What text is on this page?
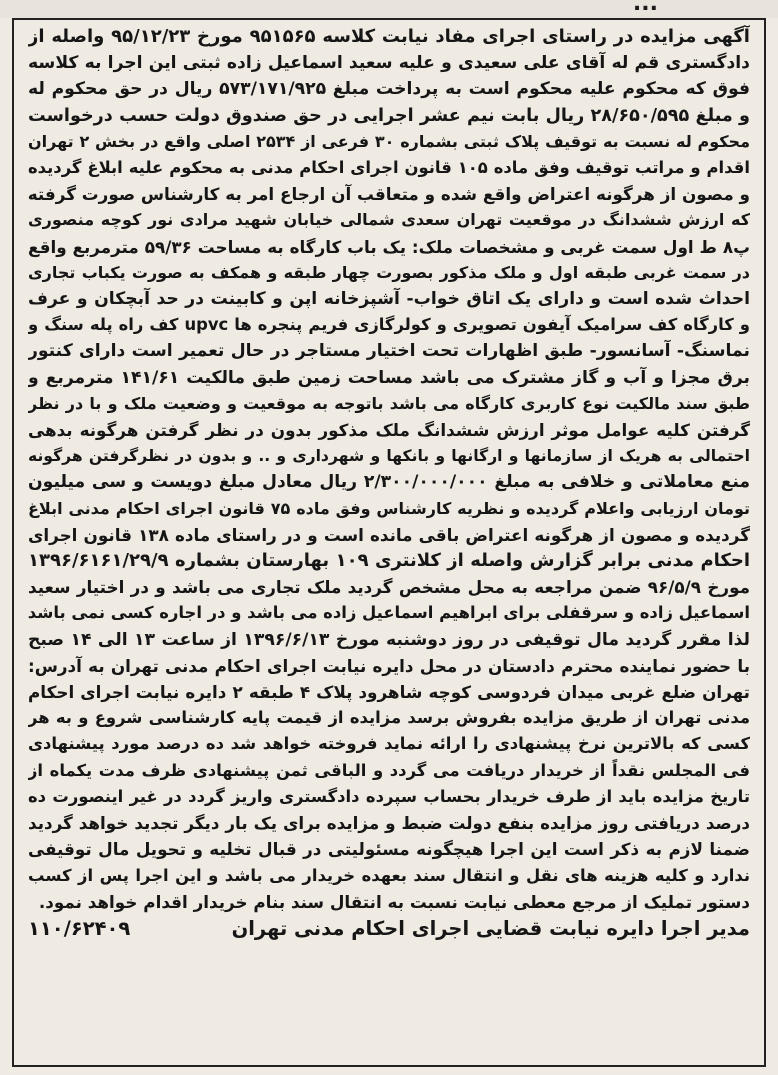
...
آگهی مزایده در راستای اجرای مفاد نیابت کلاسه ۹۵۱۵۶۵ مورخ ۹۵/۱۲/۲۳ واصله از
دادگستری قم له آقای علی سعیدی و علیه سعید اسماعیل زاده ثبتی این اجرا به کلاسه
فوق که محکوم علیه محکوم است به پرداخت مبلغ ۵۷۳/۱۷۱/۹۲۵ ریال در حق محکوم له
و مبلغ ۲۸/۶۵۰/۵۹۵ ریال بابت نیم عشر اجرایی در حق صندوق دولت حسب درخواست
محکوم له نسبت به توقیف پلاک ثبتی بشماره ۳۰ فرعی از ۲۵۳۴ اصلی واقع در بخش ۲ تهران
اقدام و مراتب توقیف وفق ماده ۱۰۵ قانون اجرای احکام مدنی به محکوم علیه ابلاغ گردیده
و مصون از هرگونه اعتراض واقع شده و متعاقب آن ارجاع امر به کارشناس صورت گرفته
که ارزش ششدانگ در موقعیت تهران سعدی شمالی خیابان شهید مرادی نور کوچه منصوری
پ۸ ط اول سمت غربی و مشخصات ملک: یک باب کارگاه به مساحت ۵۹/۳۶ مترمربع واقع
در سمت غربی طبقه اول و ملک مذکور بصورت چهار طبقه و همکف به صورت یکباب تجاری
احداث شده است و دارای یک اتاق خواب- آشپزخانه اپن و کابینت در حد آبچکان و عرف
و کارگاه کف سرامیک آیفون تصویری و کولرگازی فریم پنجره ها upvc کف راه پله سنگ و
نماسنگ- آسانسور- طبق اظهارات تحت اختیار مستاجر در حال تعمیر است دارای کنتور
برق مجزا و آب و گاز مشترک می باشد مساحت زمین طبق مالکیت ۱۴۱/۶۱ مترمربع و
طبق سند مالکیت نوع کاربری کارگاه می باشد باتوجه به موقعیت و وضعیت ملک و با در نظر
گرفتن کلیه عوامل موثر ارزش ششدانگ ملک مذکور بدون در نظر گرفتن هرگونه بدهی
احتمالی به هریک از سازمانها و ارگانها و بانکها و شهرداری و .. و بدون در نظرگرفتن هرگونه
منع معاملاتی و خلافی به مبلغ ۲/۳۰۰/۰۰۰/۰۰۰ ریال معادل مبلغ دویست و سی میلیون
تومان ارزیابی واعلام گردیده و نظریه کارشناس وفق ماده ۷۵ قانون اجرای احکام مدنی ابلاغ
گردیده و مصون از هرگونه اعتراض باقی مانده است و در راستای ماده ۱۳۸ قانون اجرای
احکام مدنی برابر گزارش واصله از کلانتری ۱۰۹ بهارستان بشماره ۱۳۹۶/۶۱۶۱/۲۹/۹
مورخ ۹۶/۵/۹ ضمن مراجعه به محل مشخص گردید ملک تجاری می باشد و در اختیار سعید
اسماعیل زاده و سرقفلی برای ابراهیم اسماعیل زاده می باشد و در اجاره کسی نمی باشد
لذا مقرر گردید مال توقیفی در روز دوشنبه مورخ ۱۳۹۶/۶/۱۳ از ساعت ۱۳ الی ۱۴ صبح
با حضور نماینده محترم دادستان در محل دایره نیابت اجرای احکام مدنی تهران به آدرس:
تهران ضلع غربی میدان فردوسی کوچه شاهرود پلاک ۴ طبقه ۲ دایره نیابت اجرای احکام
مدنی تهران از طریق مزایده بفروش برسد مزایده از قیمت پایه کارشناسی شروع و به هر
کسی که بالاترین نرخ پیشنهادی را ارائه نماید فروخته خواهد شد ده درصد مورد پیشنهادی
فی المجلس نقداً از خریدار دریافت می گردد و الباقی ثمن پیشنهادی ظرف مدت یکماه از
تاریخ مزایده باید از طرف خریدار بحساب سپرده دادگستری واریز گردد در غیر اینصورت ده
درصد دریافتی روز مزایده بنفع دولت ضبط و مزایده برای یک بار دیگر تجدید خواهد گردید
ضمنا لازم به ذکر است این اجرا هیچگونه مسئولیتی در قبال تخلیه و تحویل مال توقیفی
ندارد و کلیه هزینه های نقل و انتقال سند بعهده خریدار می باشد و این اجرا پس از کسب
دستور تملیک از مرجع معطی نیابت نسبت به انتقال سند بنام خریدار اقدام خواهد نمود.
مدیر اجرا دایره نیابت قضایی اجرای احکام مدنی تهران
۱۱۰/۶۲۴۰۹
